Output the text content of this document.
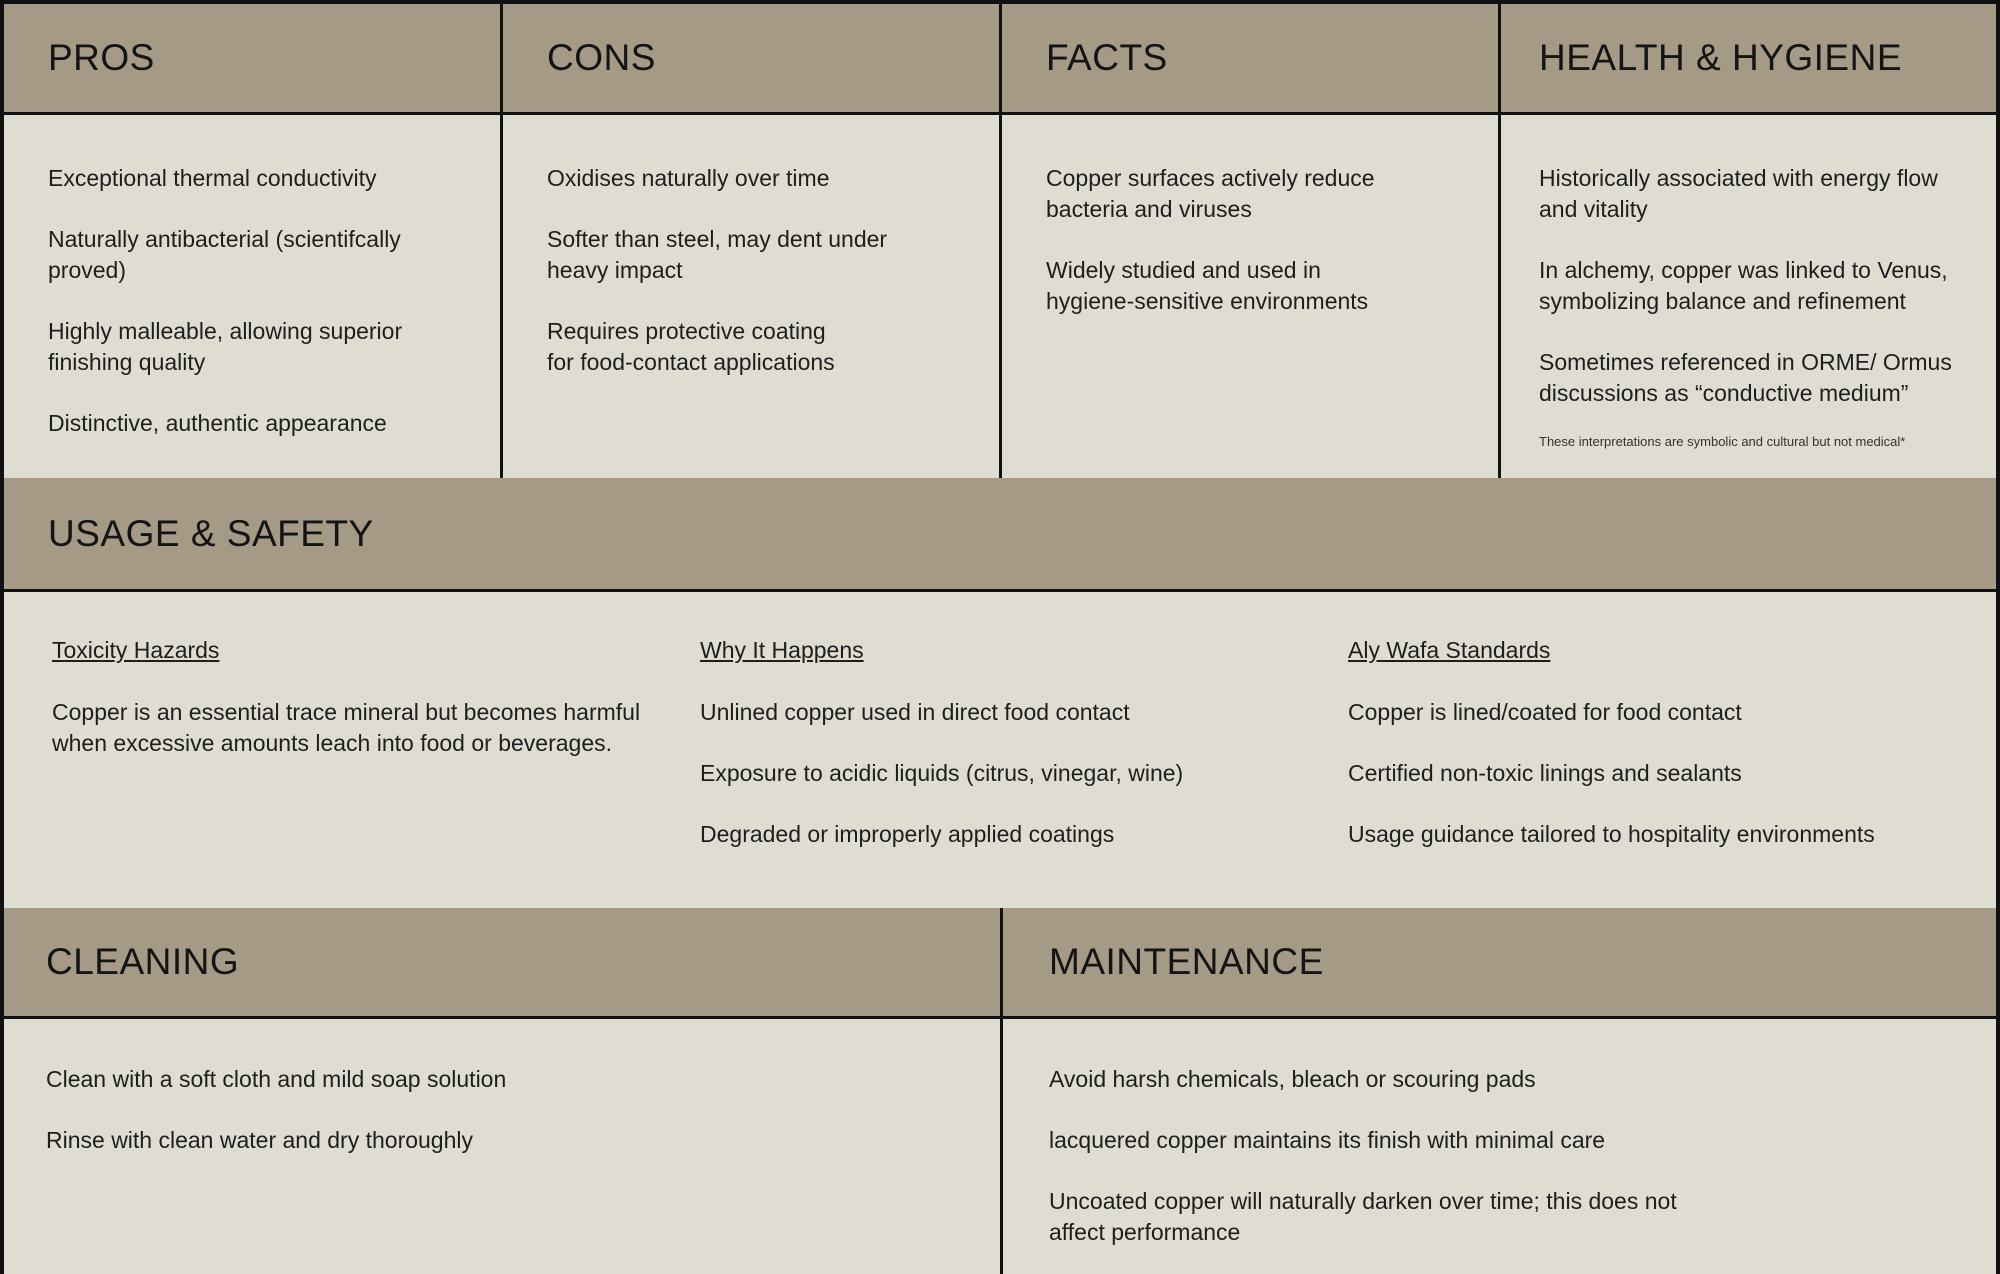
PROS

Exceptional thermal conductivity

Naturally antibacterial (scientifcally proved)

Highly malleable, allowing superior finishing quality

Distinctive, authentic appearance

CONS

Oxidises naturally over time

Softer than steel, may dent under heavy impact

Requires protective coating for food-contact applications

FACTS

Copper surfaces actively reduce bacteria and viruses

Widely studied and used in hygiene-sensitive environments

HEALTH & HYGIENE

Historically associated with energy flow and vitality

In alchemy, copper was linked to Venus, symbolizing balance and refinement

Sometimes referenced in ORME/ Ormus discussions as “conductive medium”

These interpretations are symbolic and cultural but not medical*

USAGE & SAFETY
Toxicity Hazards

Copper is an essential trace mineral but becomes harmful when excessive amounts leach into food or beverages.

Why It Happens

Unlined copper used in direct food contact

Exposure to acidic liquids (citrus, vinegar, wine)

Degraded or improperly applied coatings

Aly Wafa Standards

Copper is lined/coated for food contact

Certified non-toxic linings and sealants

Usage guidance tailored to hospitality environments

CLEANING

Clean with a soft cloth and mild soap solution

Rinse with clean water and dry thoroughly

MAINTENANCE

Avoid harsh chemicals, bleach or scouring pads

lacquered copper maintains its finish with minimal care

Uncoated copper will naturally darken over time; this does not affect performance
